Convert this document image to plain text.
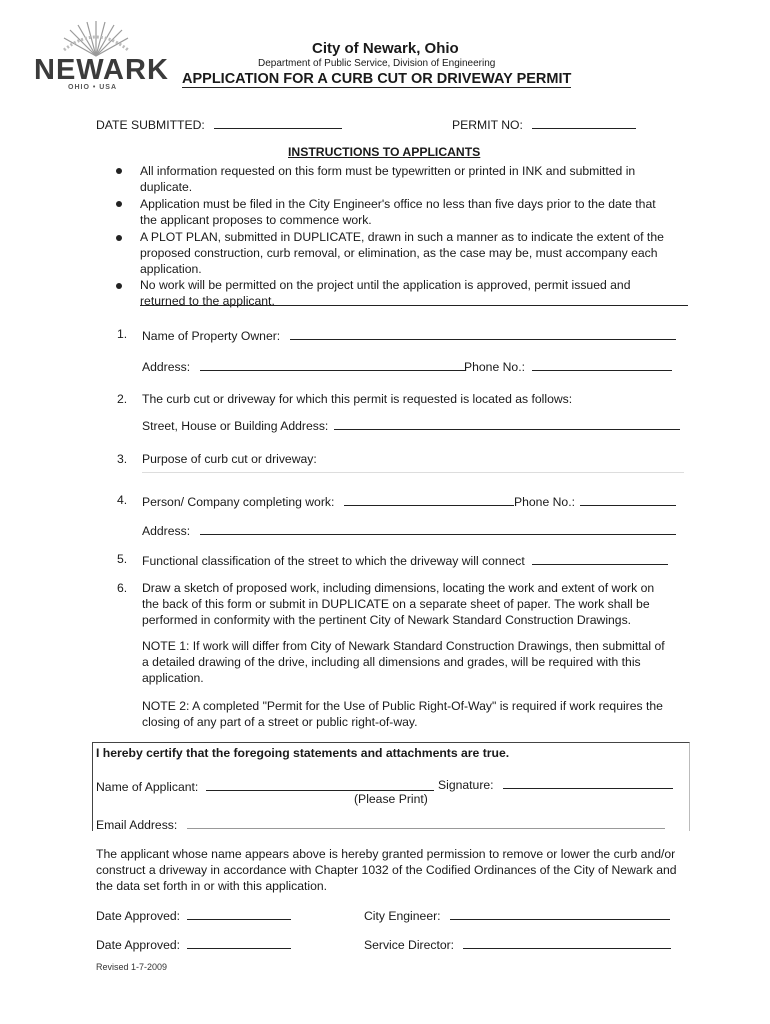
NEWARK
OHIO • USA
City of Newark, Ohio
Department of Public Service, Division of Engineering
APPLICATION FOR A CURB CUT OR DRIVEWAY PERMIT
DATE SUBMITTED:	PERMIT NO:
INSTRUCTIONS TO APPLICANTS
All information requested on this form must be typewritten or printed in INK and submitted in
duplicate.
Application must be filed in the City Engineer's office no less than five days prior to the date that
the applicant proposes to commence work.
A PLOT PLAN, submitted in DUPLICATE, drawn in such a manner as to indicate the extent of the
proposed construction, curb removal, or elimination, as the case may be, must accompany each
application.
No work will be permitted on the project until the application is approved, permit issued and
returned to the applicant.
1. Name of Property Owner:
Address:	Phone No.:
2. The curb cut or driveway for which this permit is requested is located as follows:
Street, House or Building Address:
3. Purpose of curb cut or driveway:
4. Person/ Company completing work:	Phone No.:
Address:
5. Functional classification of the street to which the driveway will connect
6. Draw a sketch of proposed work, including dimensions, locating the work and extent of work on
the back of this form or submit in DUPLICATE on a separate sheet of paper. The work shall be
performed in conformity with the pertinent City of Newark Standard Construction Drawings.
NOTE 1: If work will differ from City of Newark Standard Construction Drawings, then submittal of
a detailed drawing of the drive, including all dimensions and grades, will be required with this
application.
NOTE 2: A completed "Permit for the Use of Public Right-Of-Way" is required if work requires the
closing of any part of a street or public right-of-way.
I hereby certify that the foregoing statements and attachments are true.
Name of Applicant:	Signature:
(Please Print)
Email Address:
The applicant whose name appears above is hereby granted permission to remove or lower the curb and/or
construct a driveway in accordance with Chapter 1032 of the Codified Ordinances of the City of Newark and
the data set forth in or with this application.
Date Approved:	City Engineer:
Date Approved:	Service Director:
Revised 1-7-2009
